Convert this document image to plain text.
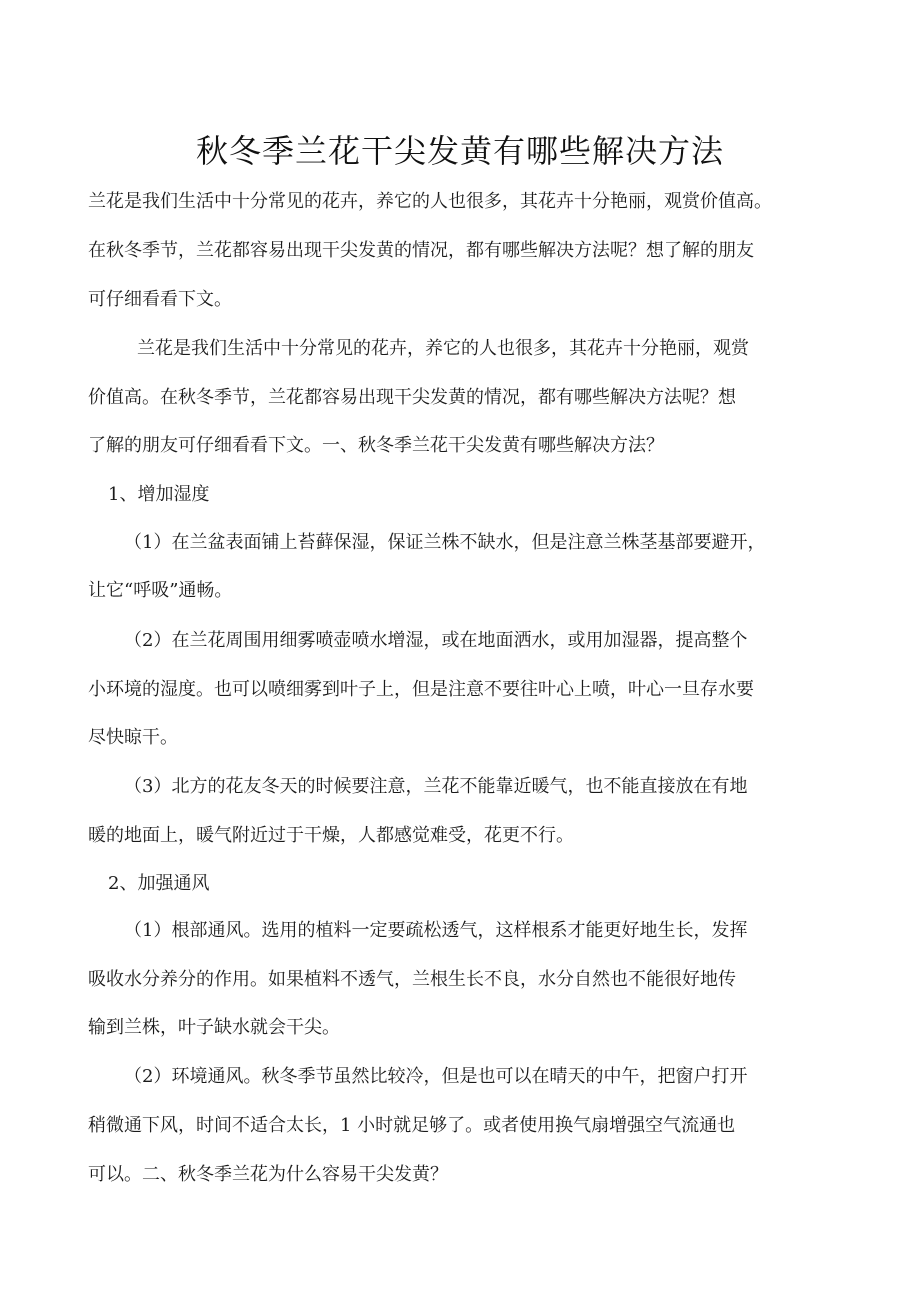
秋冬季兰花干尖发黄有哪些解决方法

兰花是我们生活中十分常见的花卉，养它的人也很多，其花卉十分艳丽，观赏价值高。

在秋冬季节，兰花都容易出现干尖发黄的情况，都有哪些解决方法呢？想了解的朋友

可仔细看看下文。

兰花是我们生活中十分常见的花卉，养它的人也很多，其花卉十分艳丽，观赏

价值高。在秋冬季节，兰花都容易出现干尖发黄的情况，都有哪些解决方法呢？想

了解的朋友可仔细看看下文。一、秋冬季兰花干尖发黄有哪些解决方法？

1、增加湿度

（1）在兰盆表面铺上苔藓保湿，保证兰株不缺水，但是注意兰株茎基部要避开，

让它“呼吸”通畅。

（2）在兰花周围用细雾喷壶喷水增湿，或在地面洒水，或用加湿器，提高整个

小环境的湿度。也可以喷细雾到叶子上，但是注意不要往叶心上喷，叶心一旦存水要

尽快晾干。

（3）北方的花友冬天的时候要注意，兰花不能靠近暖气，也不能直接放在有地

暖的地面上，暖气附近过于干燥，人都感觉难受，花更不行。

2、加强通风

（1）根部通风。选用的植料一定要疏松透气，这样根系才能更好地生长，发挥

吸收水分养分的作用。如果植料不透气，兰根生长不良，水分自然也不能很好地传

输到兰株，叶子缺水就会干尖。

（2）环境通风。秋冬季节虽然比较冷，但是也可以在晴天的中午，把窗户打开

稍微通下风，时间不适合太长，1 小时就足够了。或者使用换气扇增强空气流通也

可以。二、秋冬季兰花为什么容易干尖发黄？
